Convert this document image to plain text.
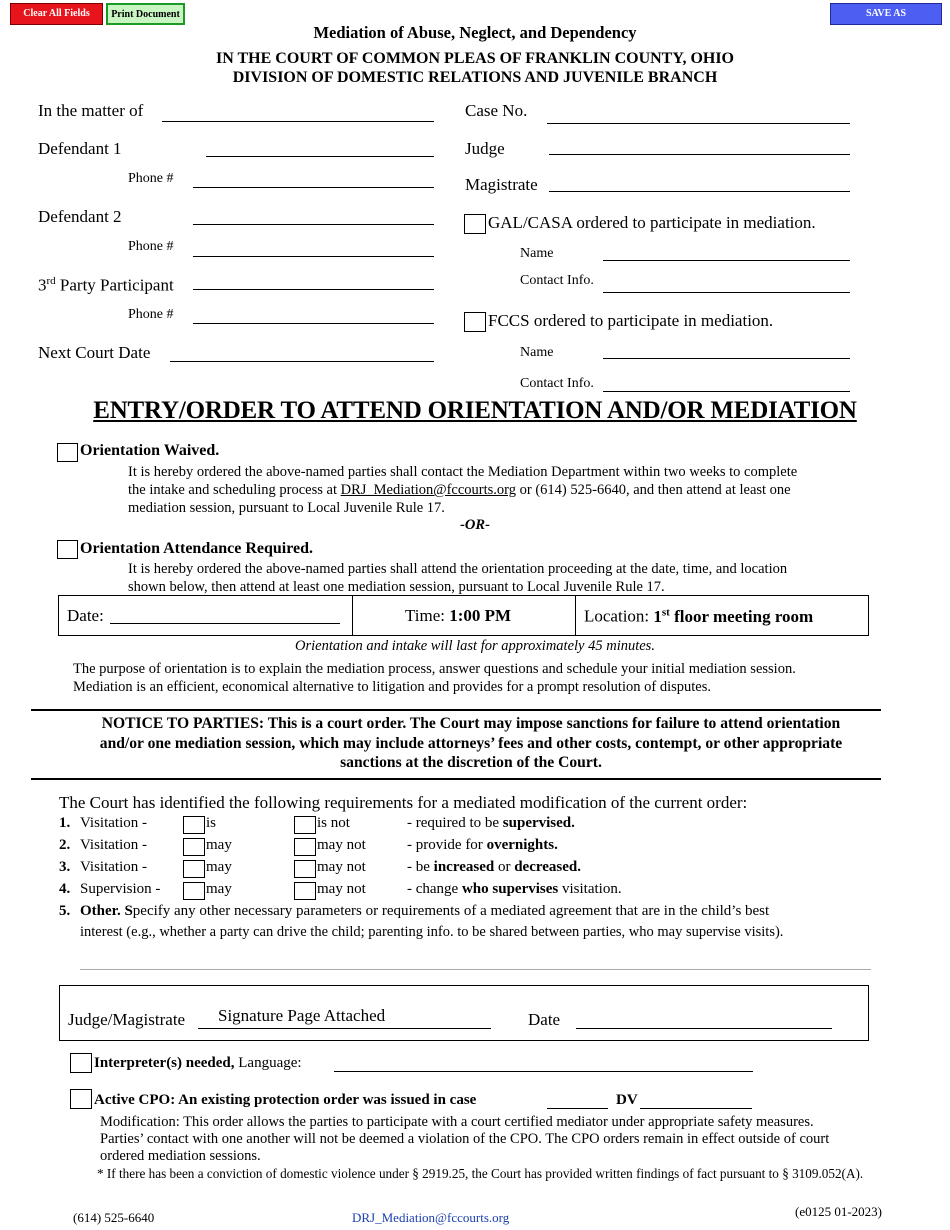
Clear All Fields	Print Document	SAVE AS
Mediation of Abuse, Neglect, and Dependency
IN THE COURT OF COMMON PLEAS OF FRANKLIN COUNTY, OHIO
DIVISION OF DOMESTIC RELATIONS AND JUVENILE BRANCH
In the matter of
Defendant 1
Phone #
Defendant 2
Phone #
3rd Party Participant
Phone #
Next Court Date
Case No.
Judge
Magistrate
GAL/CASA ordered to participate in mediation.
Name
Contact Info.
FCCS ordered to participate in mediation.
Name
Contact Info.
ENTRY/ORDER TO ATTEND ORIENTATION AND/OR MEDIATION
Orientation Waived.
It is hereby ordered the above-named parties shall contact the Mediation Department within two weeks to complete
the intake and scheduling process at DRJ_Mediation@fccourts.org or (614) 525-6640, and then attend at least one
mediation session, pursuant to Local Juvenile Rule 17.
-OR-
Orientation Attendance Required.
It is hereby ordered the above-named parties shall attend the orientation proceeding at the date, time, and location
shown below, then attend at least one mediation session, pursuant to Local Juvenile Rule 17.
Date:	Time: 1:00 PM	Location: 1st floor meeting room
Orientation and intake will last for approximately 45 minutes.
The purpose of orientation is to explain the mediation process, answer questions and schedule your initial mediation session.
Mediation is an efficient, economical alternative to litigation and provides for a prompt resolution of disputes.
NOTICE TO PARTIES: This is a court order. The Court may impose sanctions for failure to attend orientation
and/or one mediation session, which may include attorneys’ fees and other costs, contempt, or other appropriate
sanctions at the discretion of the Court.
The Court has identified the following requirements for a mediated modification of the current order:
1. Visitation -	is	is not	- required to be supervised.
2. Visitation -	may	may not	- provide for overnights.
3. Visitation -	may	may not	- be increased or decreased.
4. Supervision -	may	may not	- change who supervises visitation.
5. Other. Specify any other necessary parameters or requirements of a mediated agreement that are in the child’s best
interest (e.g., whether a party can drive the child; parenting info. to be shared between parties, who may supervise visits).
Judge/Magistrate Signature Page Attached	Date
Interpreter(s) needed, Language:
Active CPO: An existing protection order was issued in case	DV
Modification: This order allows the parties to participate with a court certified mediator under appropriate safety measures.
Parties’ contact with one another will not be deemed a violation of the CPO. The CPO orders remain in effect outside of court
ordered mediation sessions.
* If there has been a conviction of domestic violence under § 2919.25, the Court has provided written findings of fact pursuant to § 3109.052(A).
(614) 525-6640	DRJ_Mediation@fccourts.org	(e0125 01-2023)
